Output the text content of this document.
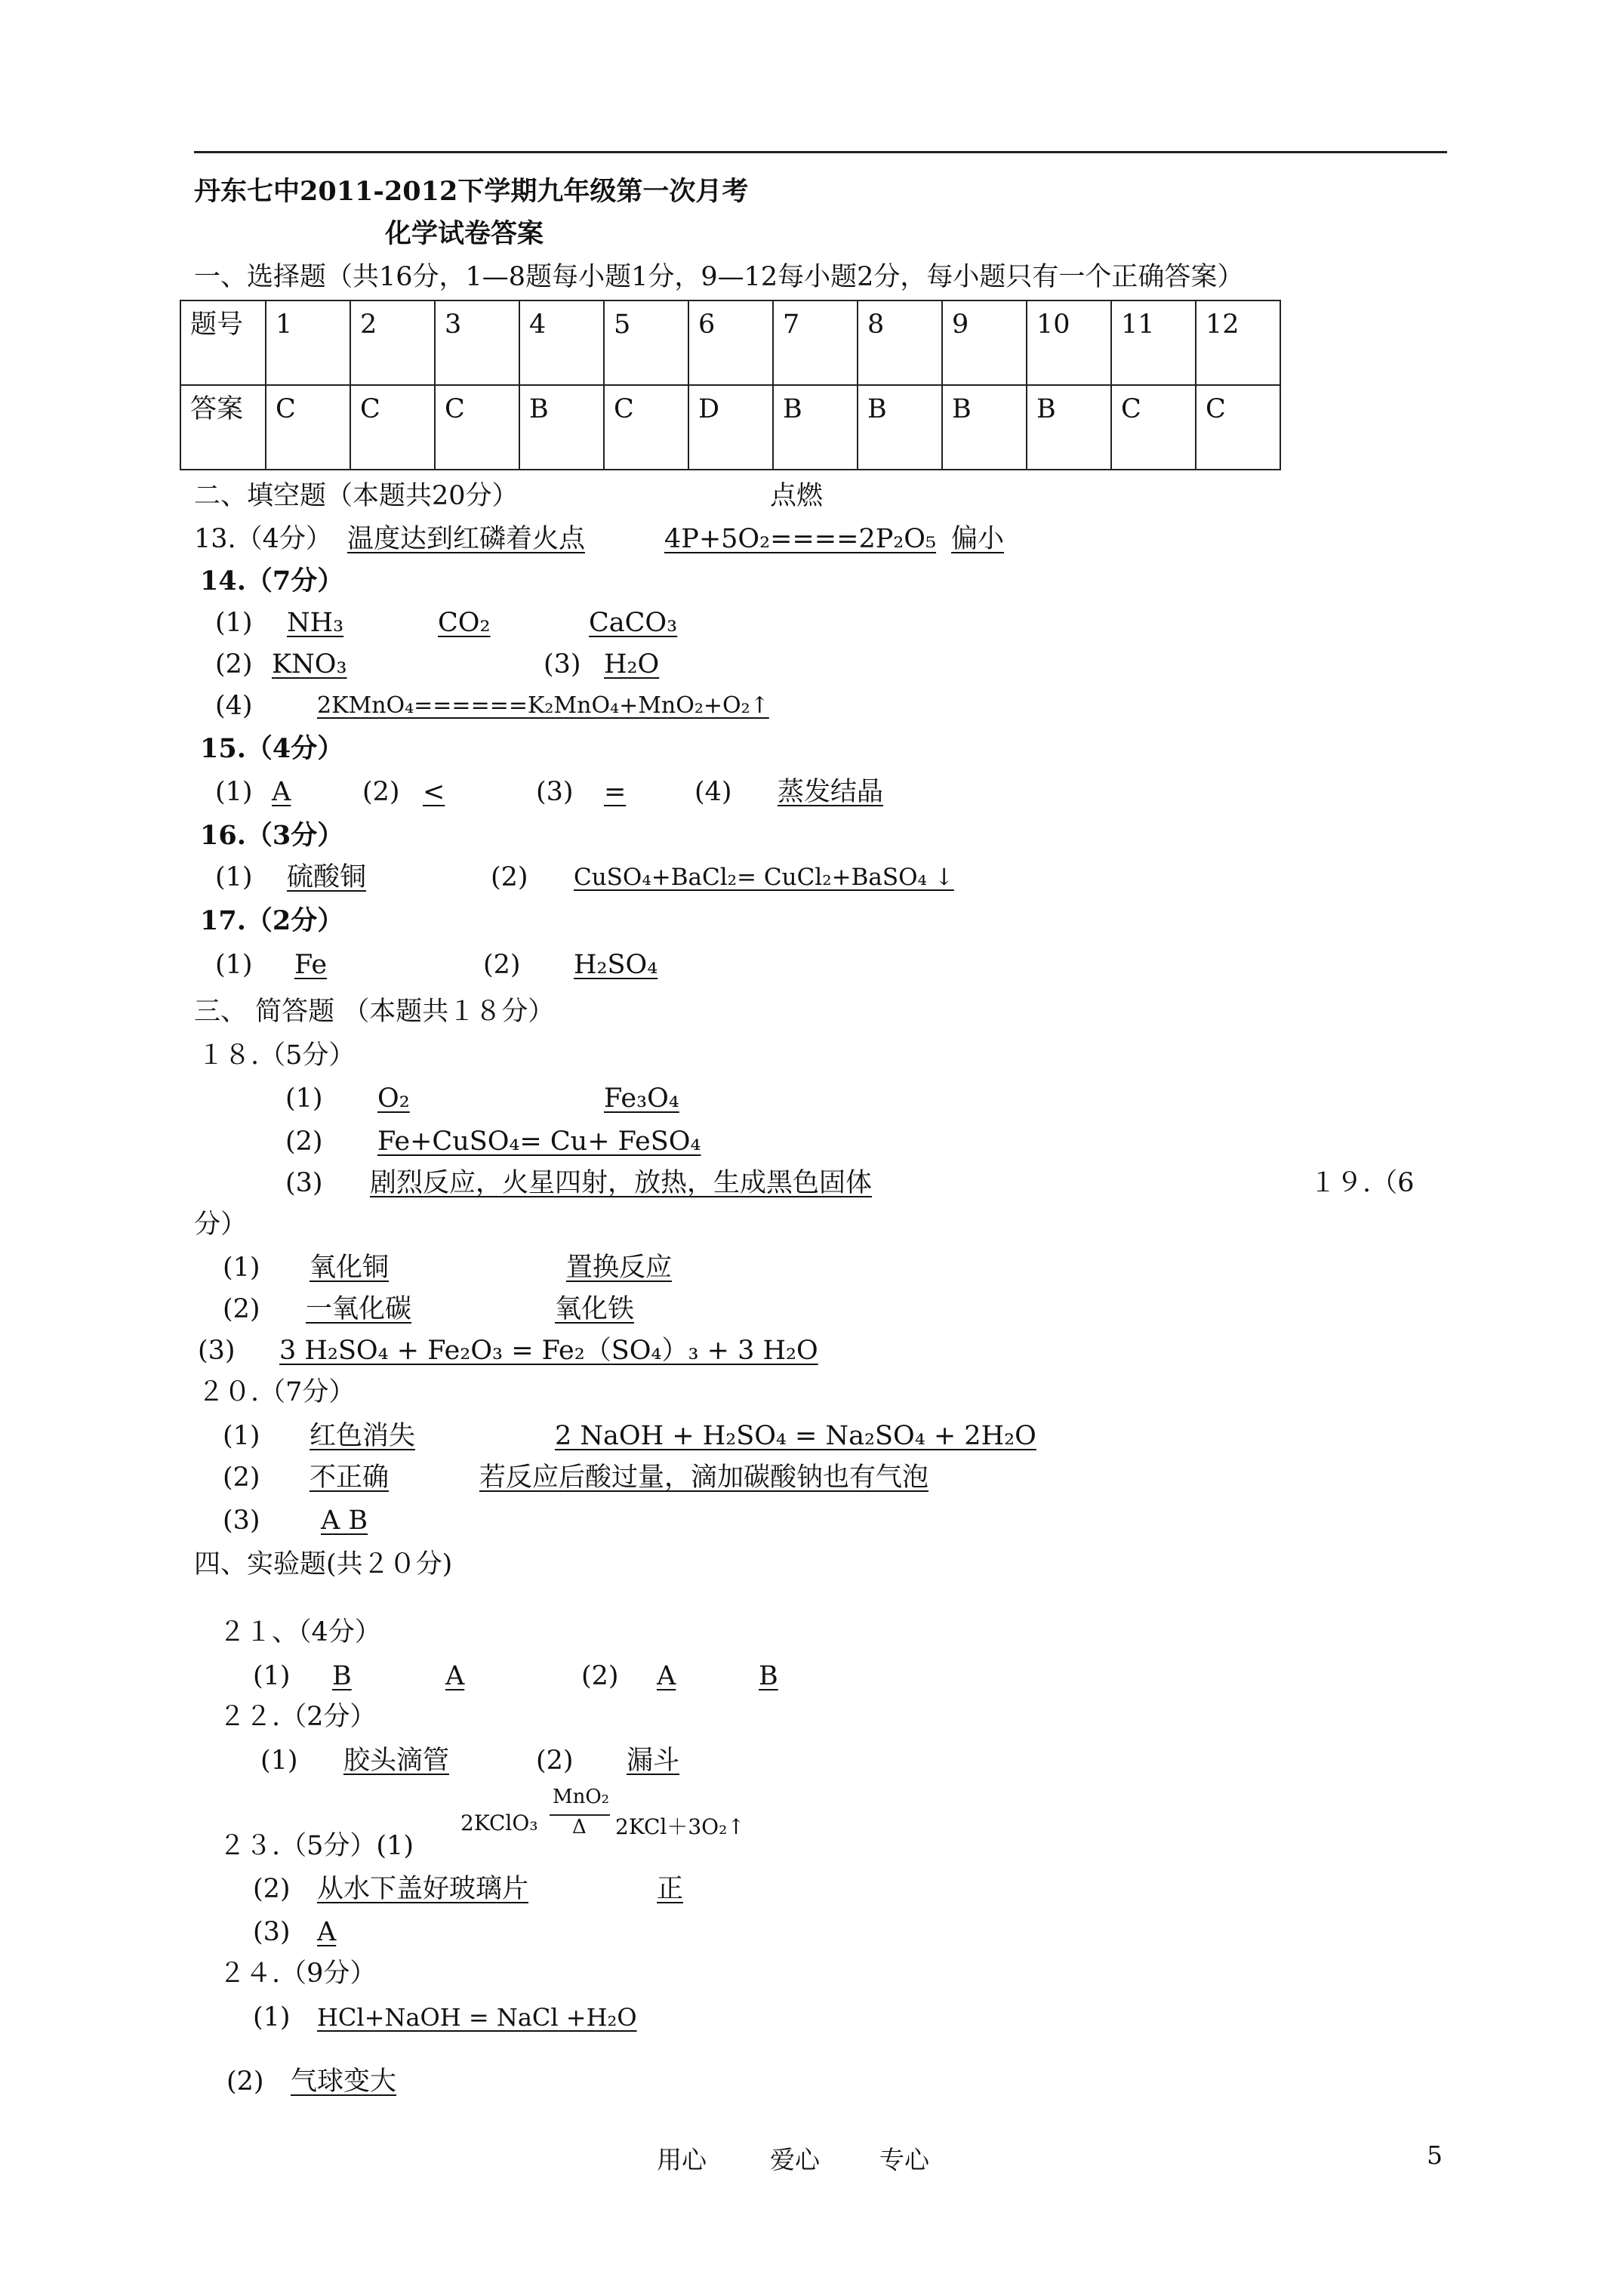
丹东七中2011-2012下学期九年级第一次月考
化学试卷答案
一、选择题（共16分，1—8题每小题1分，9—12每小题2分，每小题只有一个正确答案）
题号	1	2	3	4	5	6	7	8	9	10	11	12
答案	C	C	C	B	C	D	B	B	B	B	C	C
二、填空题（本题共20分）	点燃
13.（4分） 温度达到红磷着火点	4P+5O₂====2P₂O₅ 偏小
14.（7分）
(1) NH₃	CO₂	CaCO₃
(2) KNO₃	(3) H₂O
(4)	2KMnO₄======K₂MnO₄+MnO₂+O₂↑
15.（4分）
(1) A	(2) <	(3) =	(4) 蒸发结晶
16.（3分）
(1) 硫酸铜	(2) CuSO₄+BaCl₂= CuCl₂+BaSO₄ ↓
17.（2分）
(1) Fe	(2) H₂SO₄
三、 简答题 （本题共１８分）
１８.（5分）
(1) O₂	Fe₃O₄
(2) Fe+CuSO₄= Cu+ FeSO₄
(3) 剧烈反应，火星四射，放热，生成黑色固体	１９.（6
分）
(1) 氧化铜	置换反应
(2) 一氧化碳	氧化铁
(3) 3 H₂SO₄ + Fe₂O₃ = Fe₂（SO₄）₃ + 3 H₂O
２０.（7分）
(1) 红色消失	2 NaOH + H₂SO₄ = Na₂SO₄ + 2H₂O
(2) 不正确	若反应后酸过量，滴加碳酸钠也有气泡
(3) A B
四、实验题(共２０分)
２１、（4分）
(1) B	A	(2) A	B
２２.（2分）
(1) 胶头滴管	(2) 漏斗
２３.（5分）(1)
2KClO₃
MnO₂
Δ 2KCl＋3O₂↑
(2) 从水下盖好玻璃片	正
(3) A
２４.（9分）
(1) HCl+NaOH = NaCl +H₂O
(2) 气球变大
用心	爱心 专心	5
